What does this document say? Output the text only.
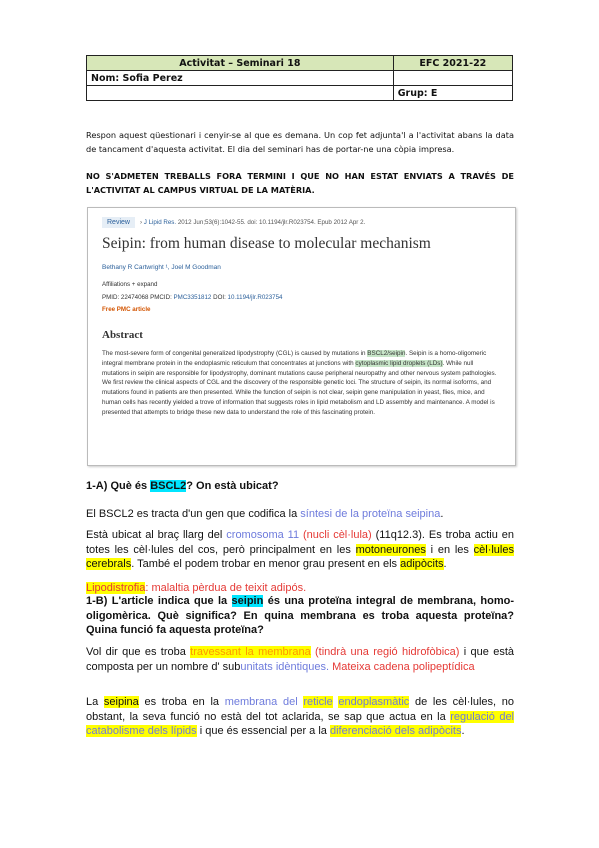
Activitat – Seminari 18	EFC 2021-22
Nom: Sofia Perez	
	Grup: E
Respon aquest qüestionari i cenyir-se al que es demana. Un cop fet adjunta'l a l'activitat abans la data de tancament d'aquesta activitat. El dia del seminari has de portar-ne una còpia impresa.
NO S'ADMETEN TREBALLS FORA TERMINI I QUE NO HAN ESTAT ENVIATS A TRAVÉS DE L'ACTIVITAT AL CAMPUS VIRTUAL DE LA MATÈRIA.
Review	› J Lipid Res. 2012 Jun;53(6):1042-55. doi: 10.1194/jlr.R023754. Epub 2012 Apr 2.
Seipin: from human disease to molecular mechanism
Bethany R Cartwright ¹, Joel M Goodman
Affiliations + expand
PMID: 22474068 PMCID: PMC3351812 DOI: 10.1194/jlr.R023754
Free PMC article
Abstract
The most-severe form of congenital generalized lipodystrophy (CGL) is caused by mutations in BSCL2/seipin. Seipin is a homo-oligomeric integral membrane protein in the endoplasmic reticulum that concentrates at junctions with cytoplasmic lipid droplets (LDs). While null mutations in seipin are responsible for lipodystrophy, dominant mutations cause peripheral neuropathy and other nervous system pathologies. We first review the clinical aspects of CGL and the discovery of the responsible genetic loci. The structure of seipin, its normal isoforms, and mutations found in patients are then presented. While the function of seipin is not clear, seipin gene manipulation in yeast, flies, mice, and human cells has recently yielded a trove of information that suggests roles in lipid metabolism and LD assembly and maintenance. A model is presented that attempts to bridge these new data to understand the role of this fascinating protein.
1-A) Què és BSCL2? On està ubicat?
El BSCL2 es tracta d'un gen que codifica la síntesi de la proteïna seipina.
Està ubicat al braç llarg del cromosoma 11 (nucli cèl·lula) (11q12.3). Es troba actiu en totes les cèl·lules del cos, però principalment en les motoneurones i en les cèl·lules cerebrals. També el podem trobar en menor grau present en els adipòcits.
Lipodistrofia: malaltia pèrdua de teixit adipós.
1-B) L'article indica que la seipin és una proteïna integral de membrana, homo-oligomèrica. Què significa? En quina membrana es troba aquesta proteïna? Quina funció fa aquesta proteïna?
Vol dir que es troba travessant la membrana (tindrà una regió hidrofòbica) i que està composta per un nombre d' subunitats idèntiques. Mateixa cadena polipeptídica
La seipina es troba en la membrana del reticle endoplasmàtic de les cèl·lules, no obstant, la seva funció no està del tot aclarida, se sap que actua en la regulació del catabolisme dels lípids i que és essencial per a la diferenciació dels adipòcits.
